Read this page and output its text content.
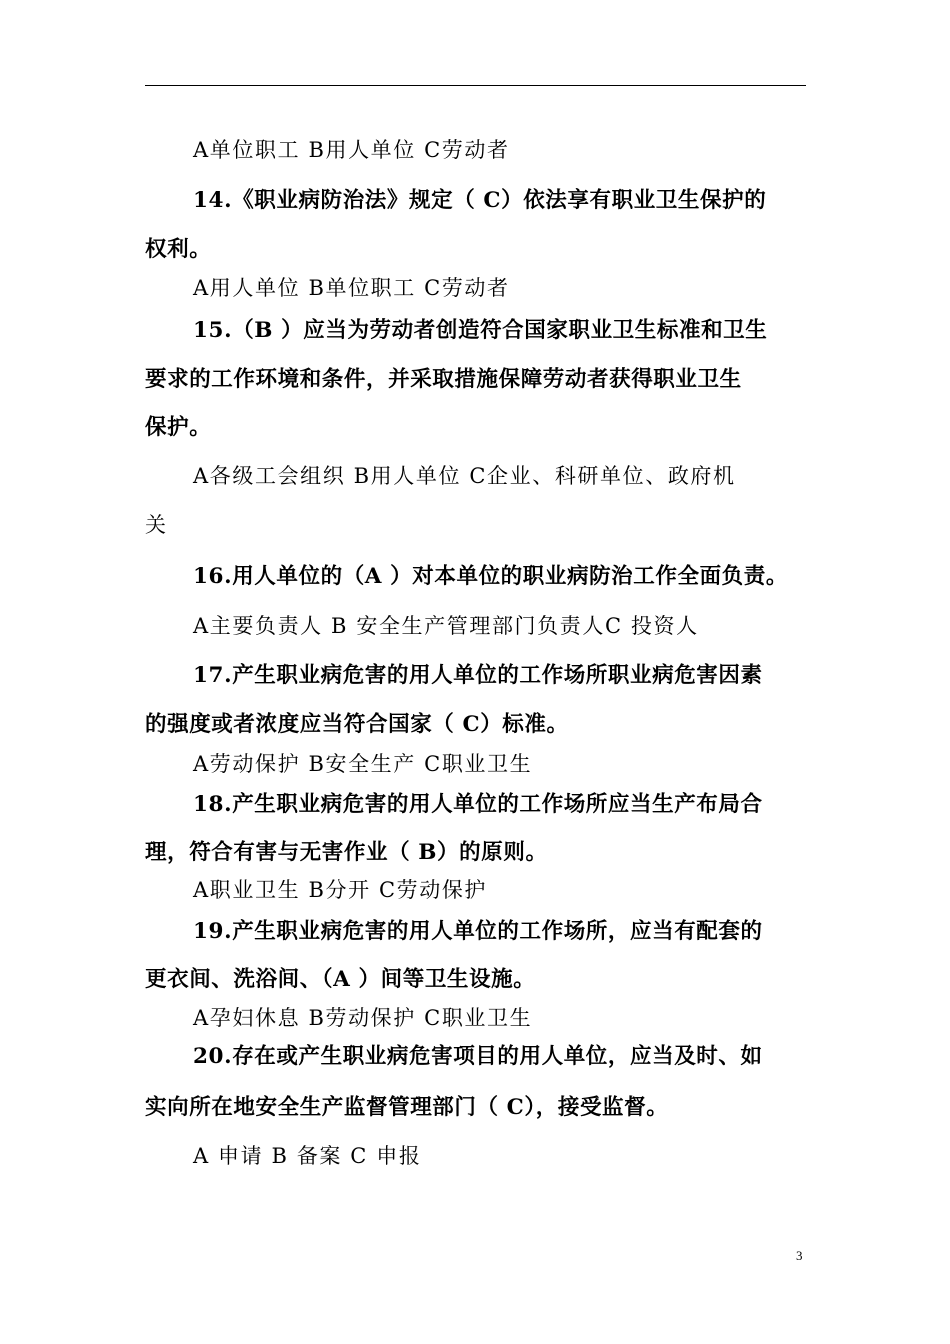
A单位职工 B用人单位 C劳动者
14.《职业病防治法》规定（ C）依法享有职业卫生保护的
权利。
A用人单位 B单位职工 C劳动者
15.（B ）应当为劳动者创造符合国家职业卫生标准和卫生
要求的工作环境和条件，并采取措施保障劳动者获得职业卫生
保护。
A各级工会组织 B用人单位 C企业、科研单位、政府机
关
16.用人单位的（A ）对本单位的职业病防治工作全面负责。
A主要负责人 B 安全生产管理部门负责人C 投资人
17.产生职业病危害的用人单位的工作场所职业病危害因素
的强度或者浓度应当符合国家（ C）标准。
A劳动保护 B安全生产 C职业卫生
18.产生职业病危害的用人单位的工作场所应当生产布局合
理，符合有害与无害作业（ B）的原则。
A职业卫生 B分开 C劳动保护
19.产生职业病危害的用人单位的工作场所，应当有配套的
更衣间、洗浴间、（A ）间等卫生设施。
A孕妇休息 B劳动保护 C职业卫生
20.存在或产生职业病危害项目的用人单位，应当及时、如
实向所在地安全生产监督管理部门（ C），接受监督。
A 申请 B 备案 C 申报
3
